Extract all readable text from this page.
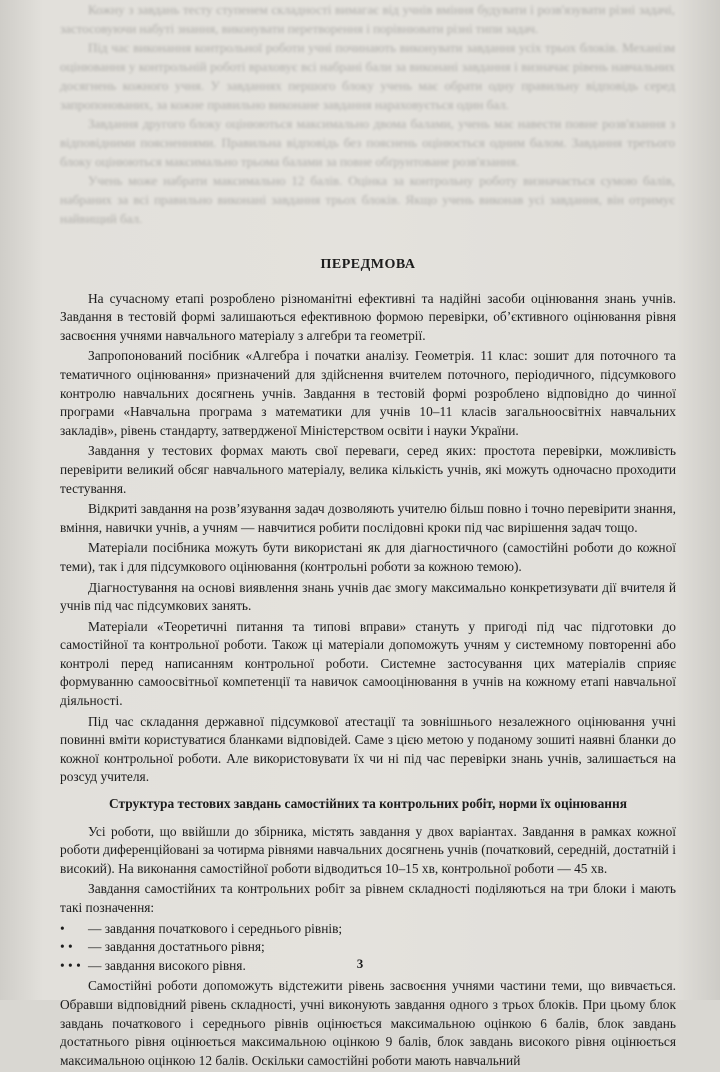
Кожну з завдань тесту ступенем складності вимагає від учнів вміння будувати і розв'язувати різні задачі, застосовуючи набуті знання, виконувати перетворення і порівнювати різні типи задач.

Під час виконання контрольної роботи учні починають виконувати завдання усіх трьох блоків. Механізм оцінювання у контрольній роботі враховує всі набрані бали за виконані завдання і визначає рівень навчальних досягнень кожного учня. У завданнях першого блоку учень має обрати одну правильну відповідь серед запропонованих, за кожне правильно виконане завдання нараховується один бал.

Завдання другого блоку оцінюються максимально двома балами, учень має навести повне розв'язання з відповідними поясненнями. Правильна відповідь без пояснень оцінюється одним балом. Завдання третього блоку оцінюються максимально трьома балами за повне обґрунтоване розв'язання.

Учень може набрати максимально 12 балів. Оцінка за контрольну роботу визначається сумою балів, набраних за всі правильно виконані завдання трьох блоків. Якщо учень виконав усі завдання, він отримує найвищий бал.

ПЕРЕДМОВА

На сучасному етапі розроблено різноманітні ефективні та надійні засоби оцінювання знань учнів. Завдання в тестовій формі залишаються ефективною формою перевірки, об’єктивного оцінювання рівня засвоєння учнями навчального матеріалу з алгебри та геометрії.

Запропонований посібник «Алгебра і початки аналізу. Геометрія. 11 клас: зошит для поточного та тематичного оцінювання» призначений для здійснення вчителем поточного, періодичного, підсумкового контролю навчальних досягнень учнів. Завдання в тестовій формі розроблено відповідно до чинної програми «Навчальна програма з математики для учнів 10–11 класів загальноосвітніх навчальних закладів», рівень стандарту, затвердженої Міністерством освіти і науки України.

Завдання у тестових формах мають свої переваги, серед яких: простота перевірки, можливість перевірити великий обсяг навчального матеріалу, велика кількість учнів, які можуть одночасно проходити тестування.

Відкриті завдання на розв’язування задач дозволяють учителю більш повно і точно перевірити знання, вміння, навички учнів, а учням — навчитися робити послідовні кроки під час вирішення задач тощо.

Матеріали посібника можуть бути використані як для діагностичного (самостійні роботи до кожної теми), так і для підсумкового оцінювання (контрольні роботи за кожною темою).

Діагностування на основі виявлення знань учнів дає змогу максимально конкретизувати дії вчителя й учнів під час підсумкових занять.

Матеріали «Теоретичні питання та типові вправи» стануть у пригоді під час підготовки до самостійної та контрольної роботи. Також ці матеріали допоможуть учням у системному повторенні або контролі перед написанням контрольної роботи. Системне застосування цих матеріалів сприяє формуванню самоосвітньої компетенції та навичок самооцінювання в учнів на кожному етапі навчальної діяльності.

Під час складання державної підсумкової атестації та зовнішнього незалежного оцінювання учні повинні вміти користуватися бланками відповідей. Саме з цією метою у поданому зошиті наявні бланки до кожної контрольної роботи. Але використовувати їх чи ні під час перевірки знань учнів, залишається на розсуд учителя.

Структура тестових завдань самостійних та контрольних робіт, норми їх оцінювання

Усі роботи, що ввійшли до збірника, містять завдання у двох варіантах. Завдання в рамках кожної роботи диференційовані за чотирма рівнями навчальних досягнень учнів (початковий, середній, достатній і високий). На виконання самостійної роботи відводиться 10–15 хв, контрольної роботи — 45 хв.

Завдання самостійних та контрольних робіт за рівнем складності поділяються на три блоки і мають такі позначення:

• — завдання початкового і середнього рівнів;
• • — завдання достатнього рівня;
• • • — завдання високого рівня.

Самостійні роботи допоможуть відстежити рівень засвоєння учнями частини теми, що вивчається. Обравши відповідний рівень складності, учні виконують завдання одного з трьох блоків. При цьому блок завдань початкового і середнього рівнів оцінюється максимальною оцінкою 6 балів, блок завдань достатнього рівня оцінюється максимальною оцінкою 9 балів, блок завдань високого рівня оцінюється максимальною оцінкою 12 балів. Оскільки самостійні роботи мають навчальний

3
